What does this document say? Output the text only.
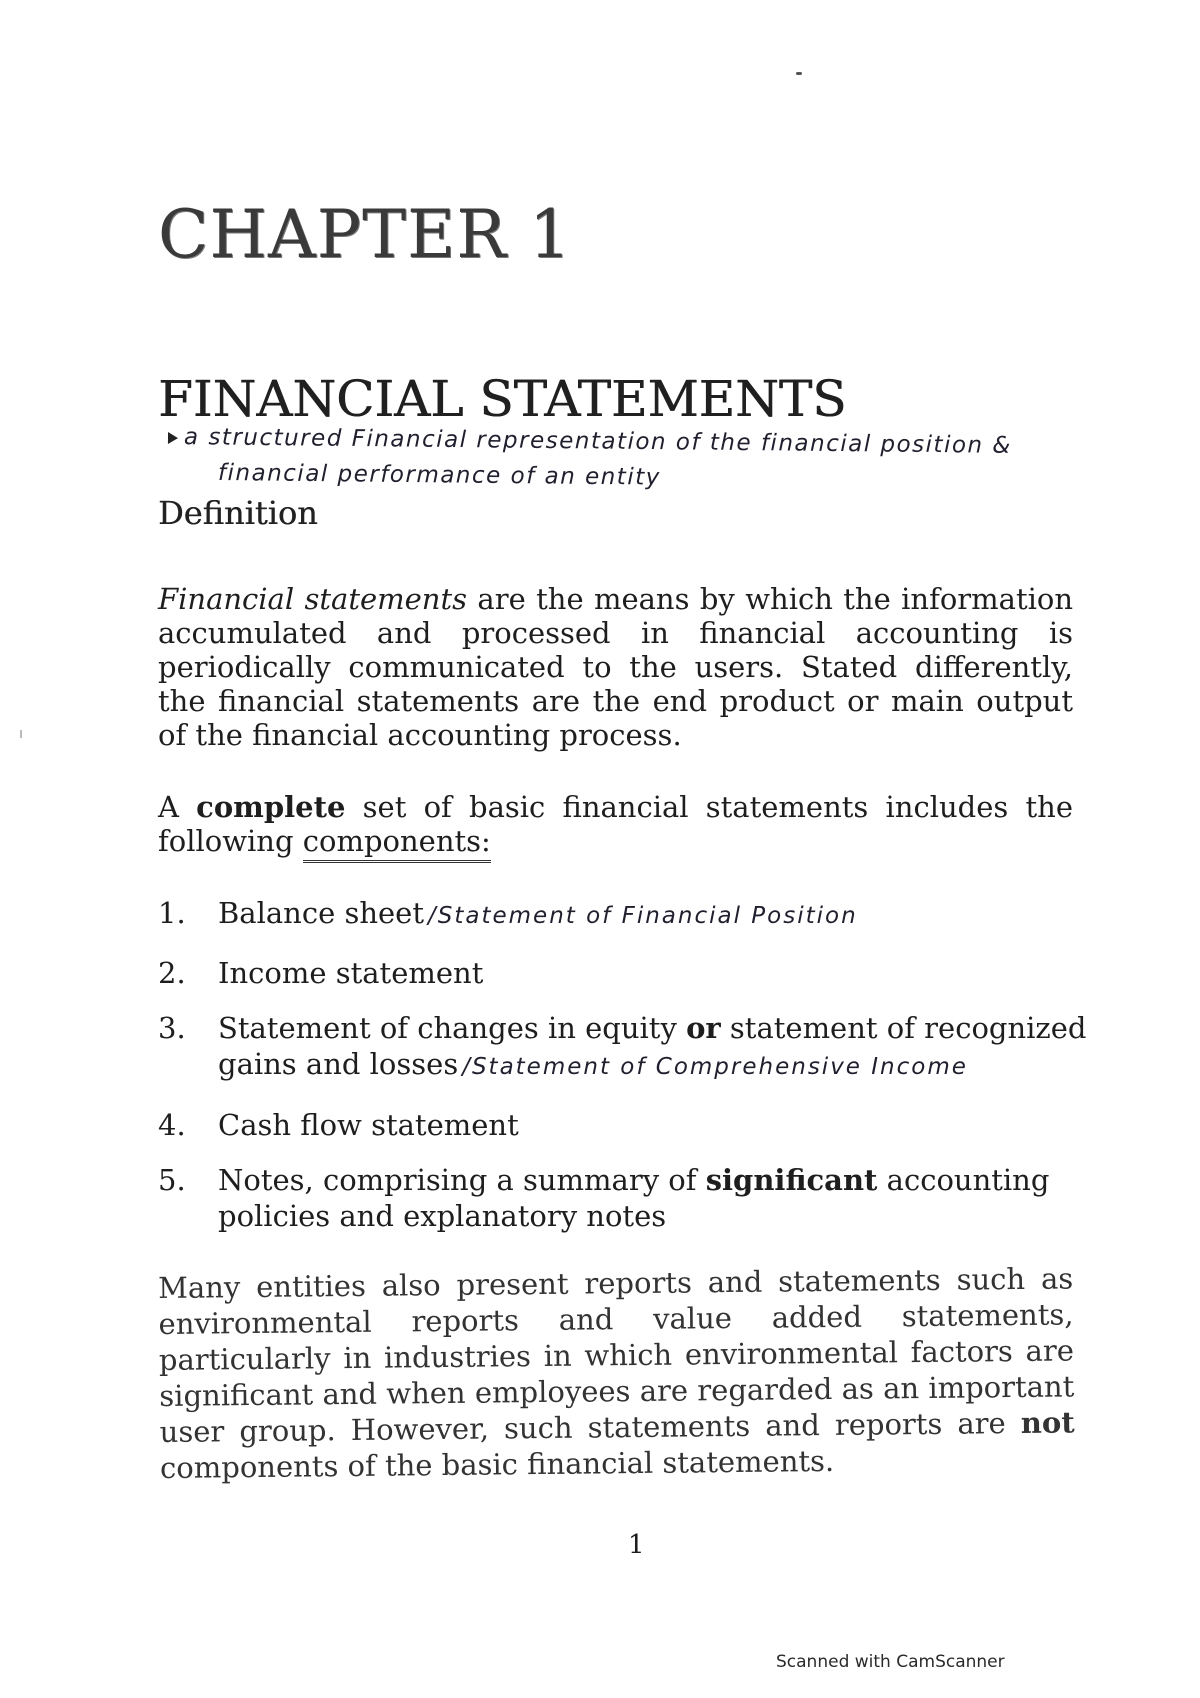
CHAPTER 1
FINANCIAL STATEMENTS
a structured Financial representation of the financial position &
financial performance of an entity
Definition

Financial statements are the means by which the information accumulated and processed in financial accounting is periodically communicated to the users. Stated differently, the financial statements are the end product or main output of the financial accounting process.

A complete set of basic financial statements includes the following components:

1.	Balance sheet /Statement of Financial Position
2.	Income statement
3.	Statement of changes in equity or statement of recognized gains and losses /Statement of Comprehensive Income
4.	Cash flow statement
5.	Notes, comprising a summary of significant accounting policies and explanatory notes

Many entities also present reports and statements such as environmental reports and value added statements, particularly in industries in which environmental factors are significant and when employees are regarded as an important user group. However, such statements and reports are not components of the basic financial statements.

1

Scanned with CamScanner
